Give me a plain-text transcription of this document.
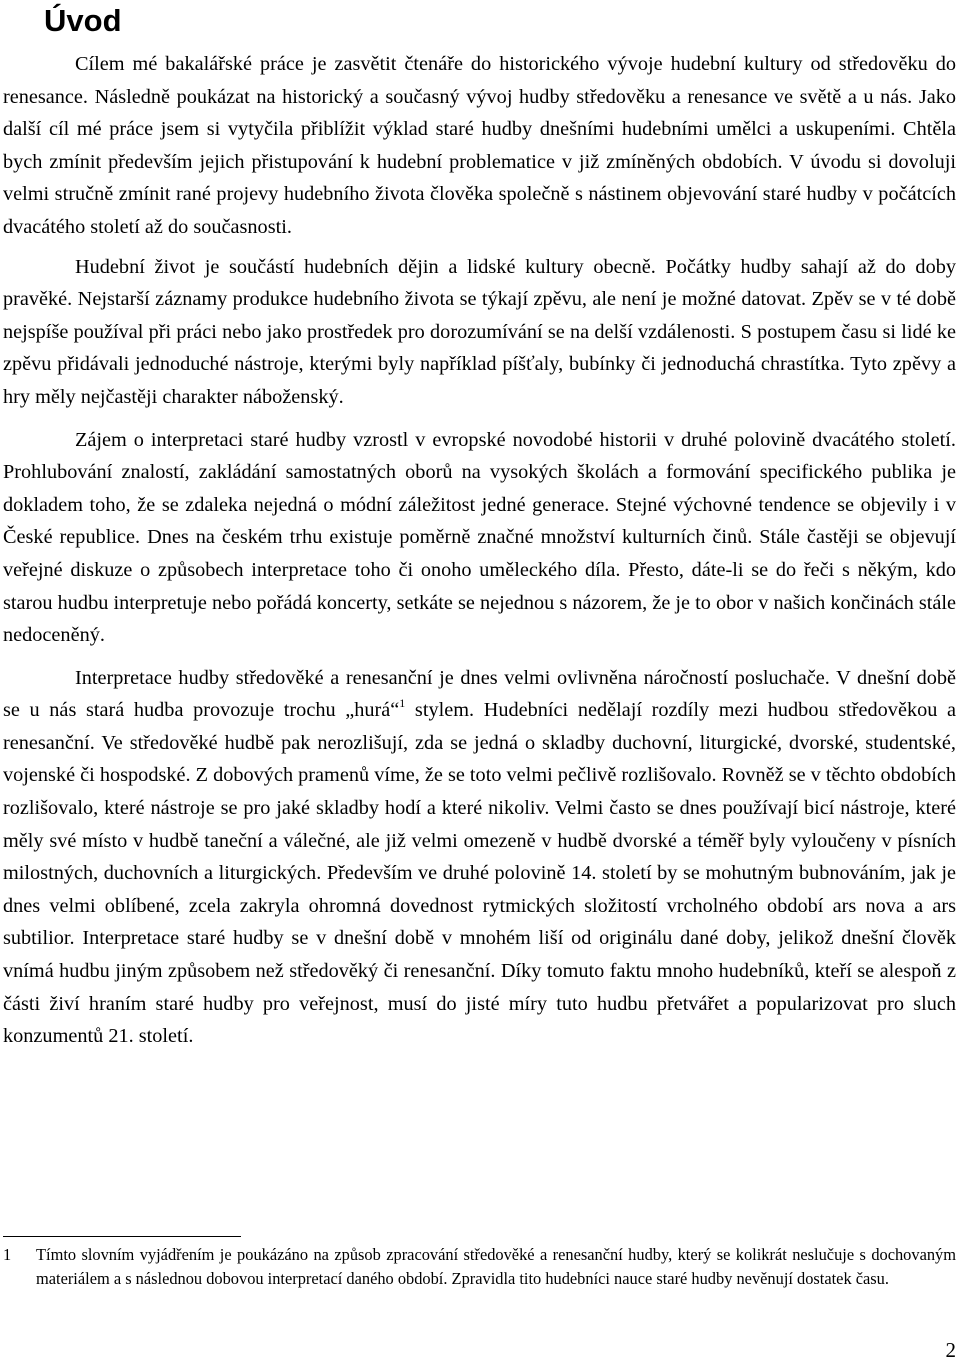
Úvod

Cílem mé bakalářské práce je zasvětit čtenáře do historického vývoje hudební kultury od středověku do renesance. Následně poukázat na historický a současný vývoj hudby středověku a renesance ve světě a u nás. Jako další cíl mé práce jsem si vytyčila přiblížit výklad staré hudby dnešními hudebními umělci a uskupeními. Chtěla bych zmínit především jejich přistupování k hudební problematice v již zmíněných obdobích. V úvodu si dovoluji velmi stručně zmínit rané projevy hudebního života člověka společně s nástinem objevování staré hudby v počátcích dvacátého století až do současnosti.

Hudební život je součástí hudebních dějin a lidské kultury obecně. Počátky hudby sahají až do doby pravěké. Nejstarší záznamy produkce hudebního života se týkají zpěvu, ale není je možné datovat. Zpěv se v té době nejspíše používal při práci nebo jako prostředek pro dorozumívání se na delší vzdálenosti. S postupem času si lidé ke zpěvu přidávali jednoduché nástroje, kterými byly například píšťaly, bubínky či jednoduchá chrastítka. Tyto zpěvy a hry měly nejčastěji charakter náboženský.

Zájem o interpretaci staré hudby vzrostl v evropské novodobé historii v druhé polovině dvacátého století. Prohlubování znalostí, zakládání samostatných oborů na vysokých školách a formování specifického publika je dokladem toho, že se zdaleka nejedná o módní záležitost jedné generace. Stejné výchovné tendence se objevily i v České republice. Dnes na českém trhu existuje poměrně značné množství kulturních činů. Stále častěji se objevují veřejné diskuze o způsobech interpretace toho či onoho uměleckého díla. Přesto, dáte-li se do řeči s někým, kdo starou hudbu interpretuje nebo pořádá koncerty, setkáte se nejednou s názorem, že je to obor v našich končinách stále nedoceněný.

Interpretace hudby středověké a renesanční je dnes velmi ovlivněna náročností posluchače. V dnešní době se u nás stará hudba provozuje trochu „hurá“$^1$ stylem. Hudebníci nedělají rozdíly mezi hudbou středověkou a renesanční. Ve středověké hudbě pak nerozlišují, zda se jedná o skladby duchovní, liturgické, dvorské, studentské, vojenské či hospodské. Z dobových pramenů víme, že se toto velmi pečlivě rozlišovalo. Rovněž se v těchto obdobích rozlišovalo, které nástroje se pro jaké skladby hodí a které nikoliv. Velmi často se dnes používají bicí nástroje, které měly své místo v hudbě taneční a válečné, ale již velmi omezeně v hudbě dvorské a téměř byly vyloučeny v písních milostných, duchovních a liturgických. Především ve druhé polovině 14. století by se mohutným bubnováním, jak je dnes velmi oblíbené, zcela zakryla ohromná dovednost rytmických složitostí vrcholného období ars nova a ars subtilior. Interpretace staré hudby se v dnešní době v mnohém liší od originálu dané doby, jelikož dnešní člověk vnímá hudbu jiným způsobem než středověký či renesanční. Díky tomuto faktu mnoho hudebníků, kteří se alespoň z části živí hraním staré hudby pro veřejnost, musí do jisté míry tuto hudbu přetvářet a popularizovat pro sluch konzumentů 21. století.

1	Tímto slovním vyjádřením je poukázáno na způsob zpracování středověké a renesanční hudby, který se kolikrát neslučuje s dochovaným materiálem a s následnou dobovou interpretací daného období. Zpravidla tito hudebníci nauce staré hudby nevěnují dostatek času.

2
